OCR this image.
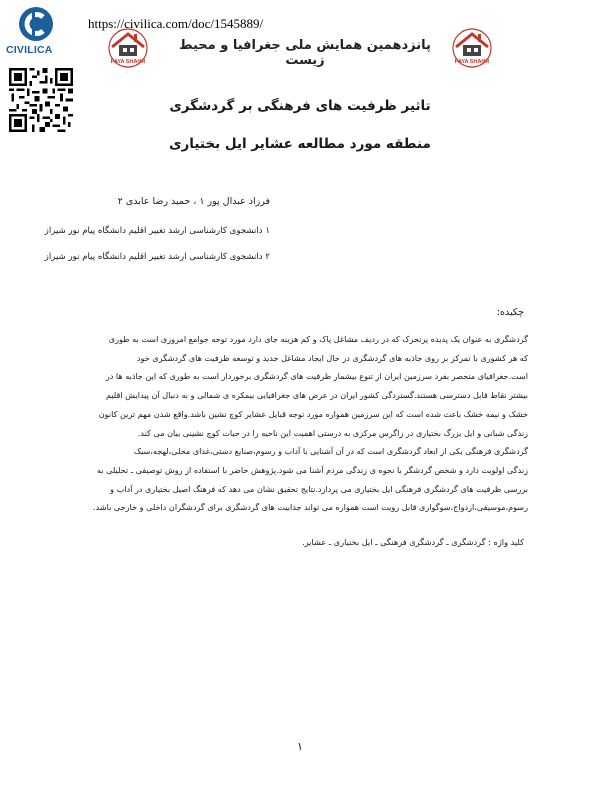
CIVILICA
https://civilica.com/doc/1545889/
PAYA SHAHR
پانزدهمین همایش ملی جغرافیا و محیط زیست	PAYA SHAHR
تاثیر ظرفیت های فرهنگی بر گردشگری
منطقه مورد مطالعه عشایر ایل بختیاری
فرزاد عبدال پور ۱ ، حمید رضا عابدی ۲
۱ دانشجوی کارشناسی ارشد تغییر اقلیم دانشگاه پیام نور شیراز
۲ دانشجوی کارشناسی ارشد تغییر اقلیم دانشگاه پیام نور شیراز
چکیده:
گردشگری به عنوان یک پدیده پرتحرک که در ردیف مشاغل پاک و کم هزینه جای دارد مورد توجه جوامع امروزی است به طوری
که هر کشوری با تمرکز بر روی جاذبه های گردشگری در حال ایجاد مشاغل جدید و توسعه ظرفیت های گردشگری خود
است.جغرافیای منحصر بفرد سرزمین ایران از تنوع بیشمار ظرفیت های گردشگری برخوردار است به طوری که این جاذبه ها در
بیشتر نقاط قابل دسترسی هستند.گستردگی کشور ایران در عرض های جغرافیایی بیمکره ی شمالی و به دنبال آن پیدایش اقلیم
خشک و نیمه خشک باعث شده است که این سرزمین همواره مورد توجه قبایل عشایر کوچ نشین باشد.واقع شدن مهم ترین کانون
زندگی شبانی و ایل بزرگ بختیاری در زاگرس مرکزی به درستی اهمیت این ناحیه را در حیات کوچ نشینی بیان می کند.
گردشگری فرهنگی یکی از ابعاد گردشگری است که در آن آشنایی با آداب و رسوم،صنایع دستی،غذای محلی،لهجه،سبک
زندگی اولویت دارد و شخص گردشگر با نحوه ی زندگی مردم آشنا می شود.پژوهش حاضر با استفاده از روش توصیفی ـ تحلیلی به
بررسی ظرفیت های گردشگری فرهنگی ایل بختیاری می پردازد.نتایج تحقیق نشان می دهد که فرهنگ اصیل بختیاری در آداب و
رسوم،موسیقی،ازدواج،سوگواری قابل رویت است همواره می تواند جذابیت های گردشگری برای گردشگران داخلی و خارجی باشد.
کلید واژه : گردشگری ـ گردشگری فرهنگی ـ ایل بختیاری ـ عشایر.
۱
